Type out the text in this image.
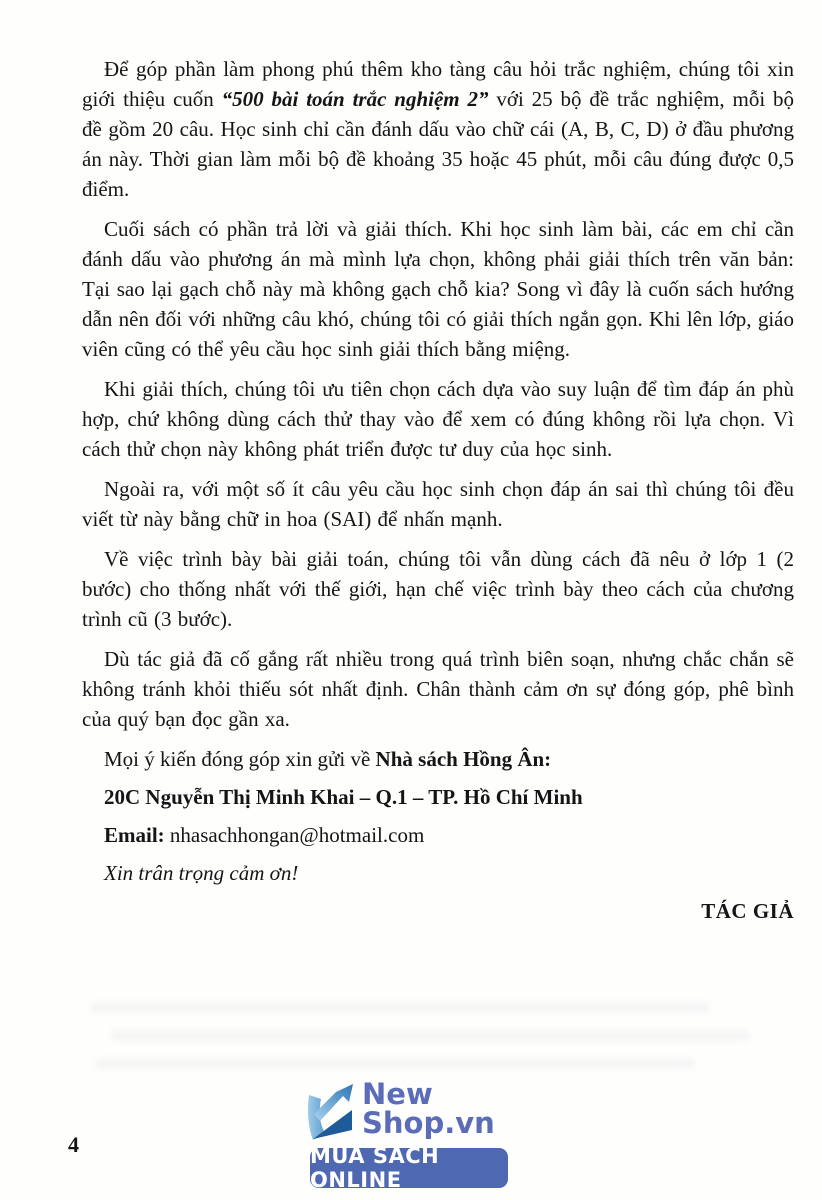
Để góp phần làm phong phú thêm kho tàng câu hỏi trắc nghiệm, chúng tôi xin giới thiệu cuốn “500 bài toán trắc nghiệm 2” với 25 bộ đề trắc nghiệm, mỗi bộ đề gồm 20 câu. Học sinh chỉ cần đánh dấu vào chữ cái (A, B, C, D) ở đầu phương án này. Thời gian làm mỗi bộ đề khoảng 35 hoặc 45 phút, mỗi câu đúng được 0,5 điểm.

Cuối sách có phần trả lời và giải thích. Khi học sinh làm bài, các em chỉ cần đánh dấu vào phương án mà mình lựa chọn, không phải giải thích trên văn bản: Tại sao lại gạch chỗ này mà không gạch chỗ kia? Song vì đây là cuốn sách hướng dẫn nên đối với những câu khó, chúng tôi có giải thích ngắn gọn. Khi lên lớp, giáo viên cũng có thể yêu cầu học sinh giải thích bằng miệng.

Khi giải thích, chúng tôi ưu tiên chọn cách dựa vào suy luận để tìm đáp án phù hợp, chứ không dùng cách thử thay vào để xem có đúng không rồi lựa chọn. Vì cách thử chọn này không phát triển được tư duy của học sinh.

Ngoài ra, với một số ít câu yêu cầu học sinh chọn đáp án sai thì chúng tôi đều viết từ này bằng chữ in hoa (SAI) để nhấn mạnh.

Về việc trình bày bài giải toán, chúng tôi vẫn dùng cách đã nêu ở lớp 1 (2 bước) cho thống nhất với thế giới, hạn chế việc trình bày theo cách của chương trình cũ (3 bước).

Dù tác giả đã cố gắng rất nhiều trong quá trình biên soạn, nhưng chắc chắn sẽ không tránh khỏi thiếu sót nhất định. Chân thành cảm ơn sự đóng góp, phê bình của quý bạn đọc gần xa.

Mọi ý kiến đóng góp xin gửi về Nhà sách Hồng Ân:

20C Nguyễn Thị Minh Khai – Q.1 – TP. Hồ Chí Minh

Email: nhasachhongan@hotmail.com

Xin trân trọng cảm ơn!

TÁC GIẢ

4
New Shop.vn
MUA SÁCH ONLINE
